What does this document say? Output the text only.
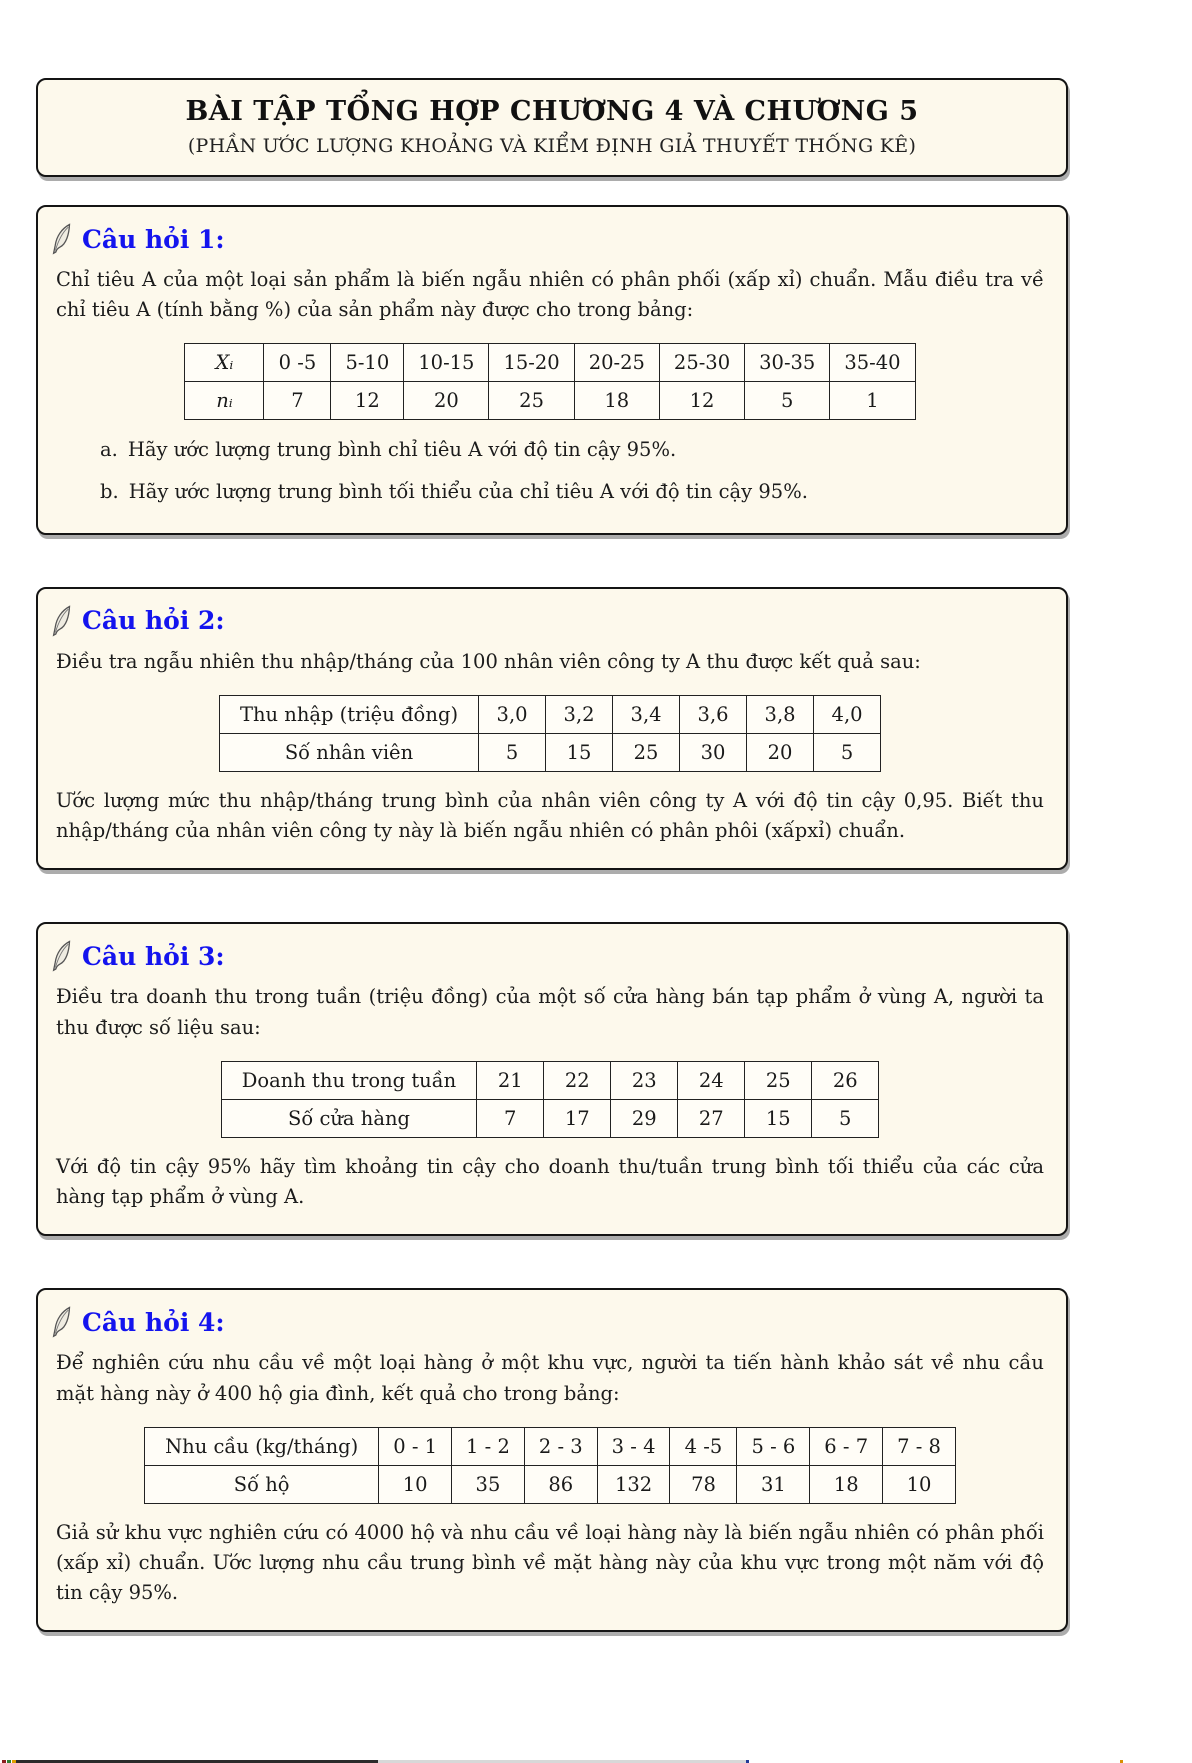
BÀI TẬP TỔNG HỢP CHƯƠNG 4 VÀ CHƯƠNG 5
(PHẦN ƯỚC LƯỢNG KHOẢNG VÀ KIỂM ĐỊNH GIẢ THUYẾT THỐNG KÊ)
Câu hỏi 1:

Chỉ tiêu A của một loại sản phẩm là biến ngẫu nhiên có phân phối (xấp xỉ) chuẩn. Mẫu điều tra về chỉ tiêu A (tính bằng %) của sản phẩm này được cho trong bảng:

Xᵢ	0 -5	5-10	10-15	15-20	20-25	25-30	30-35	35-40
nᵢ	7	12	20	25	18	12	5	1
a. Hãy ước lượng trung bình chỉ tiêu A với độ tin cậy 95%.
b. Hãy ước lượng trung bình tối thiểu của chỉ tiêu A với độ tin cậy 95%.
Câu hỏi 2:

Điều tra ngẫu nhiên thu nhập/tháng của 100 nhân viên công ty A thu được kết quả sau:

Thu nhập (triệu đồng)	3,0	3,2	3,4	3,6	3,8	4,0
Số nhân viên	5	15	25	30	20	5

Ước lượng mức thu nhập/tháng trung bình của nhân viên công ty A với độ tin cậy 0,95. Biết thu nhập/tháng của nhân viên công ty này là biến ngẫu nhiên có phân phôi (xấpxỉ) chuẩn.

Câu hỏi 3:

Điều tra doanh thu trong tuần (triệu đồng) của một số cửa hàng bán tạp phẩm ở vùng A, người ta thu được số liệu sau:

Doanh thu trong tuần	21	22	23	24	25	26
Số cửa hàng	7	17	29	27	15	5

Với độ tin cậy 95% hãy tìm khoảng tin cậy cho doanh thu/tuần trung bình tối thiểu của các cửa hàng tạp phẩm ở vùng A.

Câu hỏi 4:

Để nghiên cứu nhu cầu về một loại hàng ở một khu vực, người ta tiến hành khảo sát về nhu cầu mặt hàng này ở 400 hộ gia đình, kết quả cho trong bảng:

Nhu cầu (kg/tháng)	0 - 1	1 - 2	2 - 3	3 - 4	4 -5	5 - 6	6 - 7	7 - 8
Số hộ	10	35	86	132	78	31	18	10

Giả sử khu vực nghiên cứu có 4000 hộ và nhu cầu về loại hàng này là biến ngẫu nhiên có phân phối (xấp xỉ) chuẩn. Ước lượng nhu cầu trung bình về mặt hàng này của khu vực trong một năm với độ tin cậy 95%.
